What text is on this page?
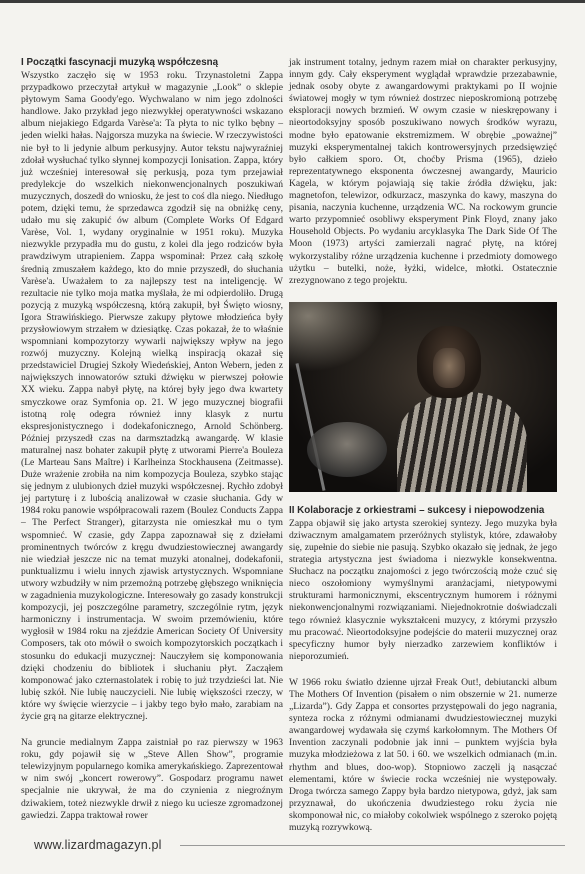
I Początki fascynacji muzyką współczesną

Wszystko zaczęło się w 1953 roku. Trzynastoletni Zappa przypadkowo przeczytał artykuł w magazynie „Look” o sklepie płytowym Sama Goody'ego. Wychwalano w nim jego zdolności handlowe. Jako przykład jego niezwykłej operatywności wskazano album niejakiego Edgarda Varèse'a: Ta płyta to nic tylko bębny – jeden wielki hałas. Najgorsza muzyka na świecie. W rzeczywistości nie był to li jedynie album perkusyjny. Autor tekstu najwyraźniej zdołał wysłuchać tylko słynnej kompozycji Ionisation. Zappa, który już wcześniej interesował się perkusją, poza tym przejawiał predylekcje do wszelkich niekonwencjonalnych poszukiwań muzycznych, doszedł do wniosku, że jest to coś dla niego. Niedługo potem, dzięki temu, że sprzedawca zgodził się na obniżkę ceny, udało mu się zakupić ów album (Complete Works Of Edgard Varèse, Vol. 1, wydany oryginalnie w 1951 roku). Muzyka niezwykle przypadła mu do gustu, z kolei dla jego rodziców była prawdziwym utrapieniem. Zappa wspominał: Przez całą szkołę średnią zmuszałem każdego, kto do mnie przyszedł, do słuchania Varèse'a. Uważałem to za najlepszy test na inteligencję. W rezultacie nie tylko moja matka myślała, że mi odpierdoliło. Drugą pozycją z muzyką współczesną, którą zakupił, był Święto wiosny, Igora Strawińskiego. Pierwsze zakupy płytowe młodzieńca były przysłowiowym strzałem w dziesiątkę. Czas pokazał, że to właśnie wspomniani kompozytorzy wywarli największy wpływ na jego rozwój muzyczny. Kolejną wielką inspiracją okazał się przedstawiciel Drugiej Szkoły Wiedeńskiej, Anton Webern, jeden z największych innowatorów sztuki dźwięku w pierwszej połowie XX wieku. Zappa nabył płytę, na której były jego dwa kwartety smyczkowe oraz Symfonia op. 21. W jego muzycznej biografii istotną rolę odegra również inny klasyk z nurtu ekspresjonistycznego i dodekafonicznego, Arnold Schönberg. Później przyszedł czas na darmsztadzką awangardę. W klasie maturalnej nasz bohater zakupił płytę z utworami Pierre'a Bouleza (Le Marteau Sans Maître) i Karlheinza Stockhausena (Zeitmasse). Duże wrażenie zrobiła na nim kompozycja Bouleza, szybko stając się jednym z ulubionych dzieł muzyki współczesnej. Rychło zdobył jej partyturę i z lubością analizował w czasie słuchania. Gdy w 1984 roku panowie współpracowali razem (Boulez Conducts Zappa – The Perfect Stranger), gitarzysta nie omieszkał mu o tym wspomnieć. W czasie, gdy Zappa zapoznawał się z dziełami prominentnych twórców z kręgu dwudziestowiecznej awangardy nie wiedział jeszcze nic na temat muzyki atonalnej, dodekafonii, punktualizmu i wielu innych zjawisk artystycznych. Wspomniane utwory wzbudziły w nim przemożną potrzebę głębszego wniknięcia w zagadnienia muzykologiczne. Interesowały go zasady konstrukcji kompozycji, jej poszczególne parametry, szczególnie rytm, język harmoniczny i instrumentacja. W swoim przemówieniu, które wygłosił w 1984 roku na zjeździe American Society Of University Composers, tak oto mówił o swoich kompozytorskich początkach i stosunku do edukacji muzycznej: Nauczyłem się komponowania dzięki chodzeniu do bibliotek i słuchaniu płyt. Zacząłem komponować jako czternastolatek i robię to już trzydzieści lat. Nie lubię szkół. Nie lubię nauczycieli. Nie lubię większości rzeczy, w które wy święcie wierzycie – i jakby tego było mało, zarabiam na życie grą na gitarze elektrycznej.

Na gruncie medialnym Zappa zaistniał po raz pierwszy w 1963 roku, gdy pojawił się w „Steve Allen Show”, programie telewizyjnym popularnego komika amerykańskiego. Zaprezentował w nim swój „koncert rowerowy”. Gospodarz programu nawet specjalnie nie ukrywał, że ma do czynienia z niegroźnym dziwakiem, toteż niezwykle drwił z niego ku uciesze zgromadzonej gawiedzi. Zappa traktował rower

jak instrument totalny, jednym razem miał on charakter perkusyjny, innym gdy. Cały eksperyment wyglądał wprawdzie przezabawnie, jednak osoby obyte z awangardowymi praktykami po II wojnie światowej mogły w tym również dostrzec nieposkromioną potrzebę eksploracji nowych brzmień. W owym czasie w nieskrępowany i nieortodoksyjny sposób poszukiwano nowych środków wyrazu, modne było epatowanie ekstremizmem. W obrębie „poważnej” muzyki eksperymentalnej takich kontrowersyjnych przedsięwzięć było całkiem sporo. Ot, choćby Prisma (1965), dzieło reprezentatywnego eksponenta ówczesnej awangardy, Mauricio Kagela, w którym pojawiają się takie źródła dźwięku, jak: magnetofon, telewizor, odkurzacz, maszynka do kawy, maszyna do pisania, naczynia kuchenne, urządzenia WC. Na rockowym gruncie warto przypomnieć osobliwy eksperyment Pink Floyd, znany jako Household Objects. Po wydaniu arcyklasyka The Dark Side Of The Moon (1973) artyści zamierzali nagrać płytę, na której wykorzystaliby różne urządzenia kuchenne i przedmioty domowego użytku – butelki, noże, łyżki, widelce, młotki. Ostatecznie zrezygnowano z tego projektu.

II Kolaboracje z orkiestrami – sukcesy i niepowodzenia

Zappa objawił się jako artysta szerokiej syntezy. Jego muzyka była dziwacznym amalgamatem przeróżnych stylistyk, które, zdawałoby się, zupełnie do siebie nie pasują. Szybko okazało się jednak, że jego strategia artystyczna jest świadoma i niezwykle konsekwentna. Słuchacz na początku znajomości z jego twórczością może czuć się nieco oszołomiony wymyślnymi aranżacjami, nietypowymi strukturami harmonicznymi, ekscentrycznym humorem i różnymi niekonwencjonalnymi rozwiązaniami. Niejednokrotnie doświadczali tego również klasycznie wykształceni muzycy, z którymi przyszło mu pracować. Nieortodoksyjne podejście do materii muzycznej oraz specyficzny humor były nierzadko zarzewiem konfliktów i nieporozumień.

W 1966 roku światło dzienne ujrzał Freak Out!, debiutancki album The Mothers Of Invention (pisałem o nim obszernie w 21. numerze „Lizarda”). Gdy Zappa et consortes przystępowali do jego nagrania, synteza rocka z różnymi odmianami dwudziestowiecznej muzyki awangardowej wydawała się czymś karkołomnym. The Mothers Of Invention zaczynali podobnie jak inni – punktem wyjścia była muzyka młodzieżowa z lat 50. i 60. we wszelkich odmianach (m.in. rhythm and blues, doo-wop). Stopniowo zaczęli ją nasączać elementami, które w świecie rocka wcześniej nie występowały. Droga twórcza samego Zappy była bardzo nietypowa, gdyż, jak sam przyznawał, do ukończenia dwudziestego roku życia nie skomponował nic, co miałoby cokolwiek wspólnego z szeroko pojętą muzyką rozrywkową.

www.lizardmagazyn.pl
